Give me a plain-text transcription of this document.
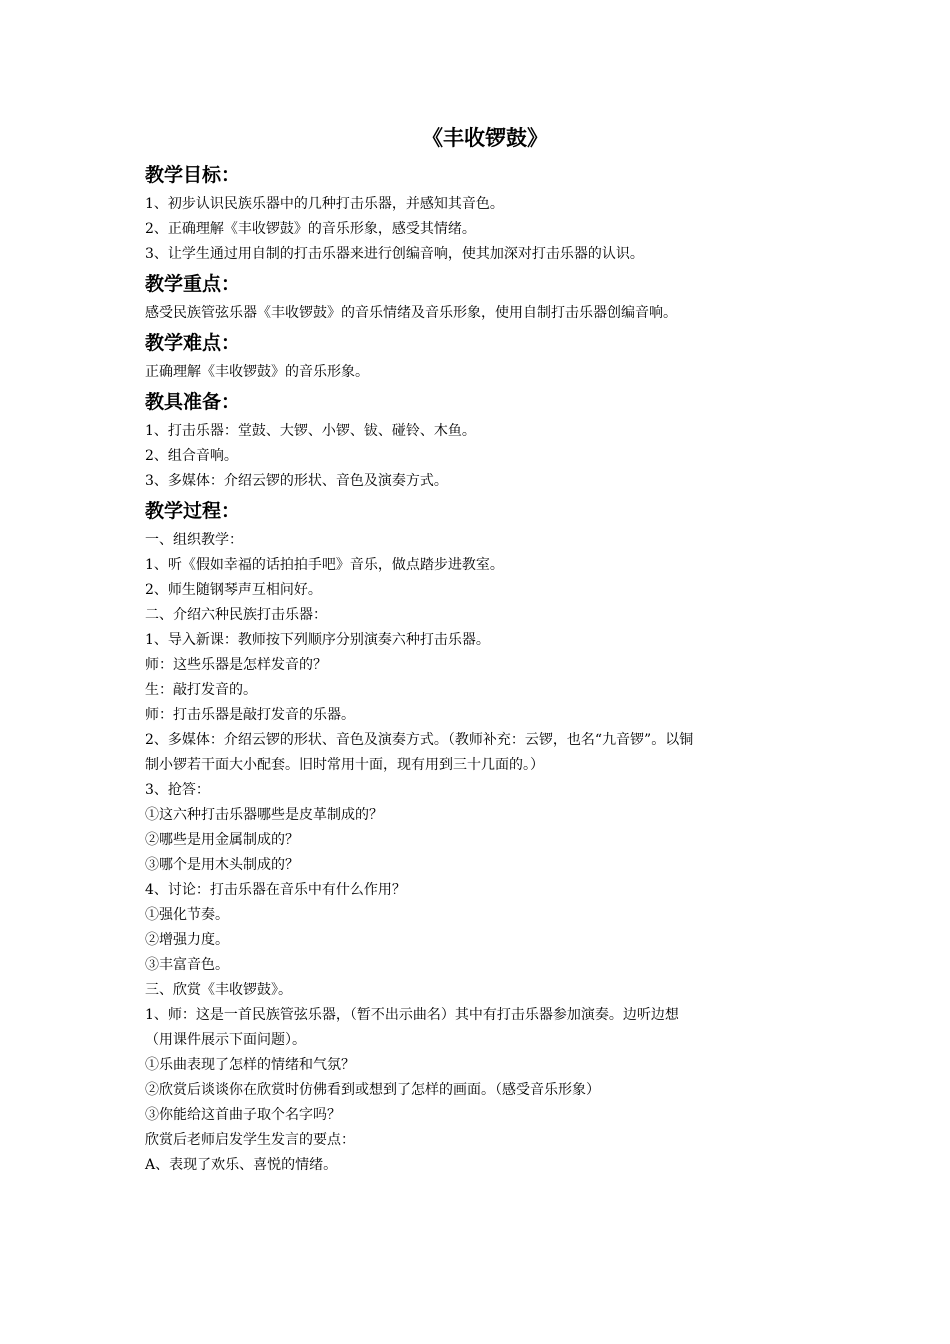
《丰收锣鼓》
教学目标：

1、初步认识民族乐器中的几种打击乐器，并感知其音色。

2、正确理解《丰收锣鼓》的音乐形象，感受其情绪。

3、让学生通过用自制的打击乐器来进行创编音响，使其加深对打击乐器的认识。

教学重点：

感受民族管弦乐器《丰收锣鼓》的音乐情绪及音乐形象，使用自制打击乐器创编音响。

教学难点：

正确理解《丰收锣鼓》的音乐形象。

教具准备：

1、打击乐器：堂鼓、大锣、小锣、钹、碰铃、木鱼。

2、组合音响。

3、多媒体：介绍云锣的形状、音色及演奏方式。

教学过程：

一、组织教学：

1、听《假如幸福的话拍拍手吧》音乐，做点踏步进教室。

2、师生随钢琴声互相问好。

二、介绍六种民族打击乐器：

1、导入新课：教师按下列顺序分别演奏六种打击乐器。

师：这些乐器是怎样发音的？

生：敲打发音的。

师：打击乐器是敲打发音的乐器。

2、多媒体：介绍云锣的形状、音色及演奏方式。（教师补充：云锣，也名“九音锣”。以铜

制小锣若干面大小配套。旧时常用十面，现有用到三十几面的。）

3、抢答：

①这六种打击乐器哪些是皮革制成的？

②哪些是用金属制成的？

③哪个是用木头制成的？

4、讨论：打击乐器在音乐中有什么作用？

①强化节奏。

②增强力度。

③丰富音色。

三、欣赏《丰收锣鼓》。

1、师：这是一首民族管弦乐器，（暂不出示曲名）其中有打击乐器参加演奏。边听边想

（用课件展示下面问题）。

①乐曲表现了怎样的情绪和气氛？

②欣赏后谈谈你在欣赏时仿佛看到或想到了怎样的画面。（感受音乐形象）

③你能给这首曲子取个名字吗？

欣赏后老师启发学生发言的要点：

A、表现了欢乐、喜悦的情绪。
